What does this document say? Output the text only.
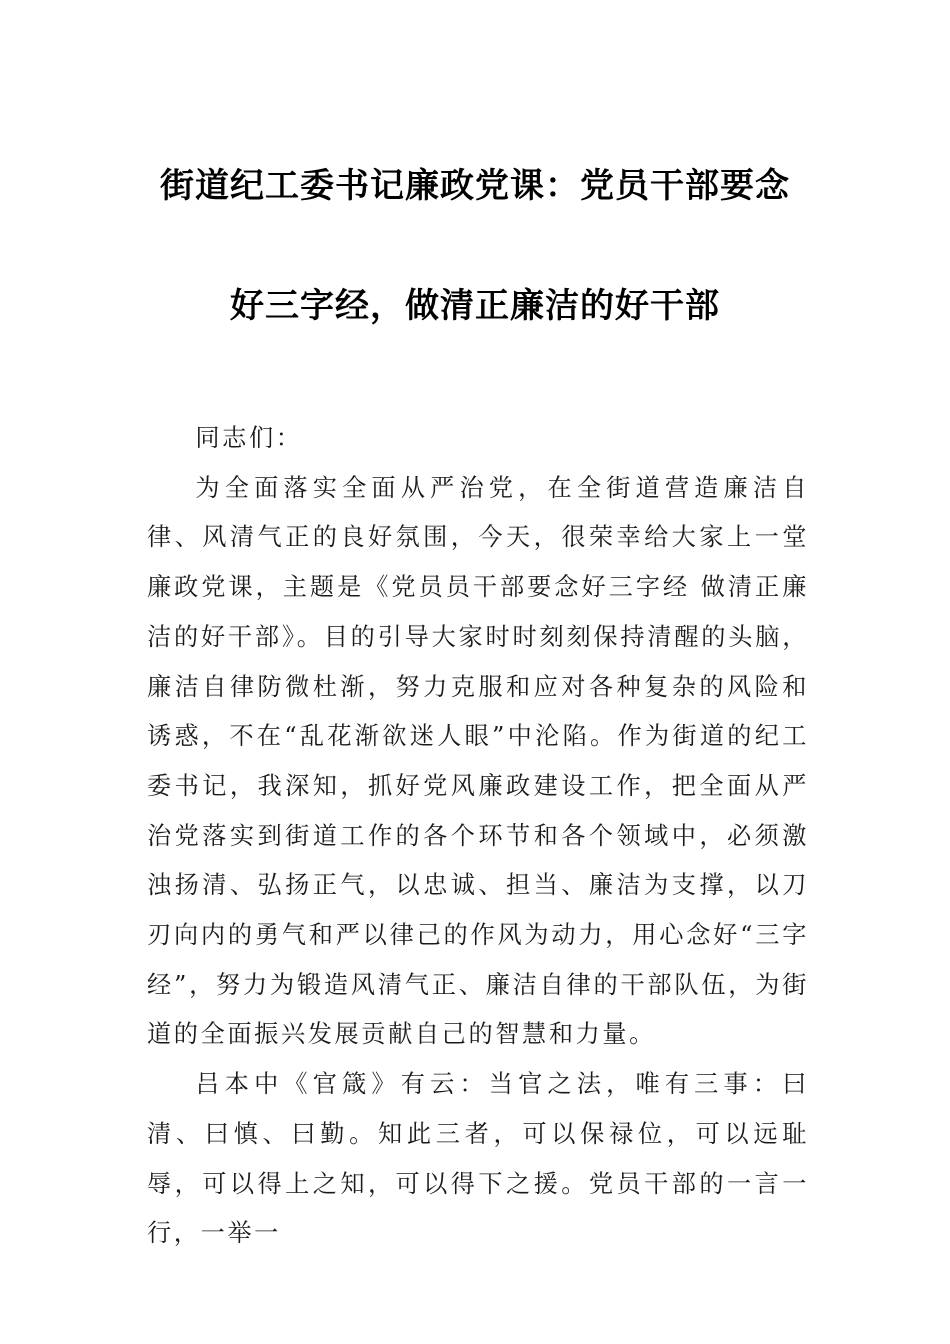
街道纪工委书记廉政党课：党员干部要念
好三字经，做清正廉洁的好干部

同志们：

为全面落实全面从严治党，在全街道营造廉洁自律、风清气正的良好氛围，今天，很荣幸给大家上一堂廉政党课，主题是《党员员干部要念好三字经 做清正廉洁的好干部》。目的引导大家时时刻刻保持清醒的头脑，廉洁自律防微杜渐，努力克服和应对各种复杂的风险和诱惑，不在“乱花渐欲迷人眼”中沦陷。作为街道的纪工委书记，我深知，抓好党风廉政建设工作，把全面从严治党落实到街道工作的各个环节和各个领域中，必须激浊扬清、弘扬正气，以忠诚、担当、廉洁为支撑，以刀刃向内的勇气和严以律己的作风为动力，用心念好“三字经”，努力为锻造风清气正、廉洁自律的干部队伍，为街道的全面振兴发展贡献自己的智慧和力量。

吕本中《官箴》有云：当官之法，唯有三事：曰清、曰慎、曰勤。知此三者，可以保禄位，可以远耻辱，可以得上之知，可以得下之援。党员干部的一言一行，一举一
